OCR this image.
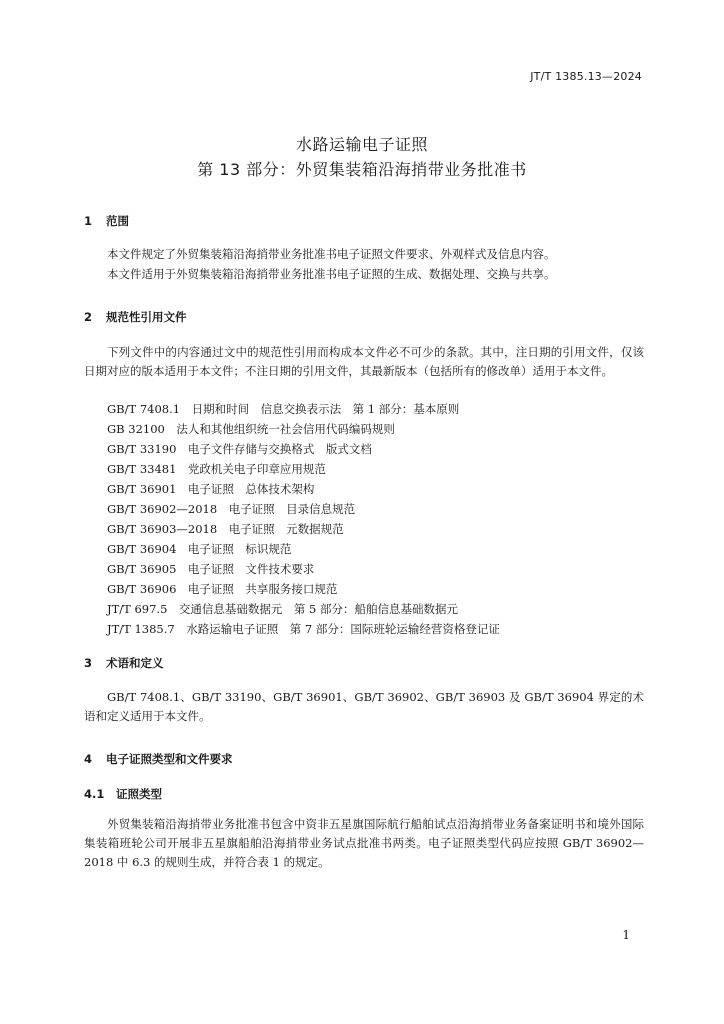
JT/T 1385.13—2024
水路运输电子证照
第 13 部分：外贸集装箱沿海捎带业务批准书
1 范围
本文件规定了外贸集装箱沿海捎带业务批准书电子证照文件要求、外观样式及信息内容。
本文件适用于外贸集装箱沿海捎带业务批准书电子证照的生成、数据处理、交换与共享。
2 规范性引用文件
下列文件中的内容通过文中的规范性引用而构成本文件必不可少的条款。其中，注日期的引用文件，仅该日期对应的版本适用于本文件；不注日期的引用文件，其最新版本（包括所有的修改单）适用于本文件。
GB/T 7408.1　日期和时间　信息交换表示法　第 1 部分：基本原则
GB 32100　法人和其他组织统一社会信用代码编码规则
GB/T 33190　电子文件存储与交换格式　版式文档
GB/T 33481　党政机关电子印章应用规范
GB/T 36901　电子证照　总体技术架构
GB/T 36902—2018　电子证照　目录信息规范
GB/T 36903—2018　电子证照　元数据规范
GB/T 36904　电子证照　标识规范
GB/T 36905　电子证照　文件技术要求
GB/T 36906　电子证照　共享服务接口规范
JT/T 697.5　交通信息基础数据元　第 5 部分：船舶信息基础数据元
JT/T 1385.7　水路运输电子证照　第 7 部分：国际班轮运输经营资格登记证
3 术语和定义
GB/T 7408.1、GB/T 33190、GB/T 36901、GB/T 36902、GB/T 36903 及 GB/T 36904 界定的术语和定义适用于本文件。
4 电子证照类型和文件要求
4.1 证照类型
外贸集装箱沿海捎带业务批准书包含中资非五星旗国际航行船舶试点沿海捎带业务备案证明书和境外国际集装箱班轮公司开展非五星旗船舶沿海捎带业务试点批准书两类。电子证照类型代码应按照 GB/T 36902—2018 中 6.3 的规则生成，并符合表 1 的规定。
1
